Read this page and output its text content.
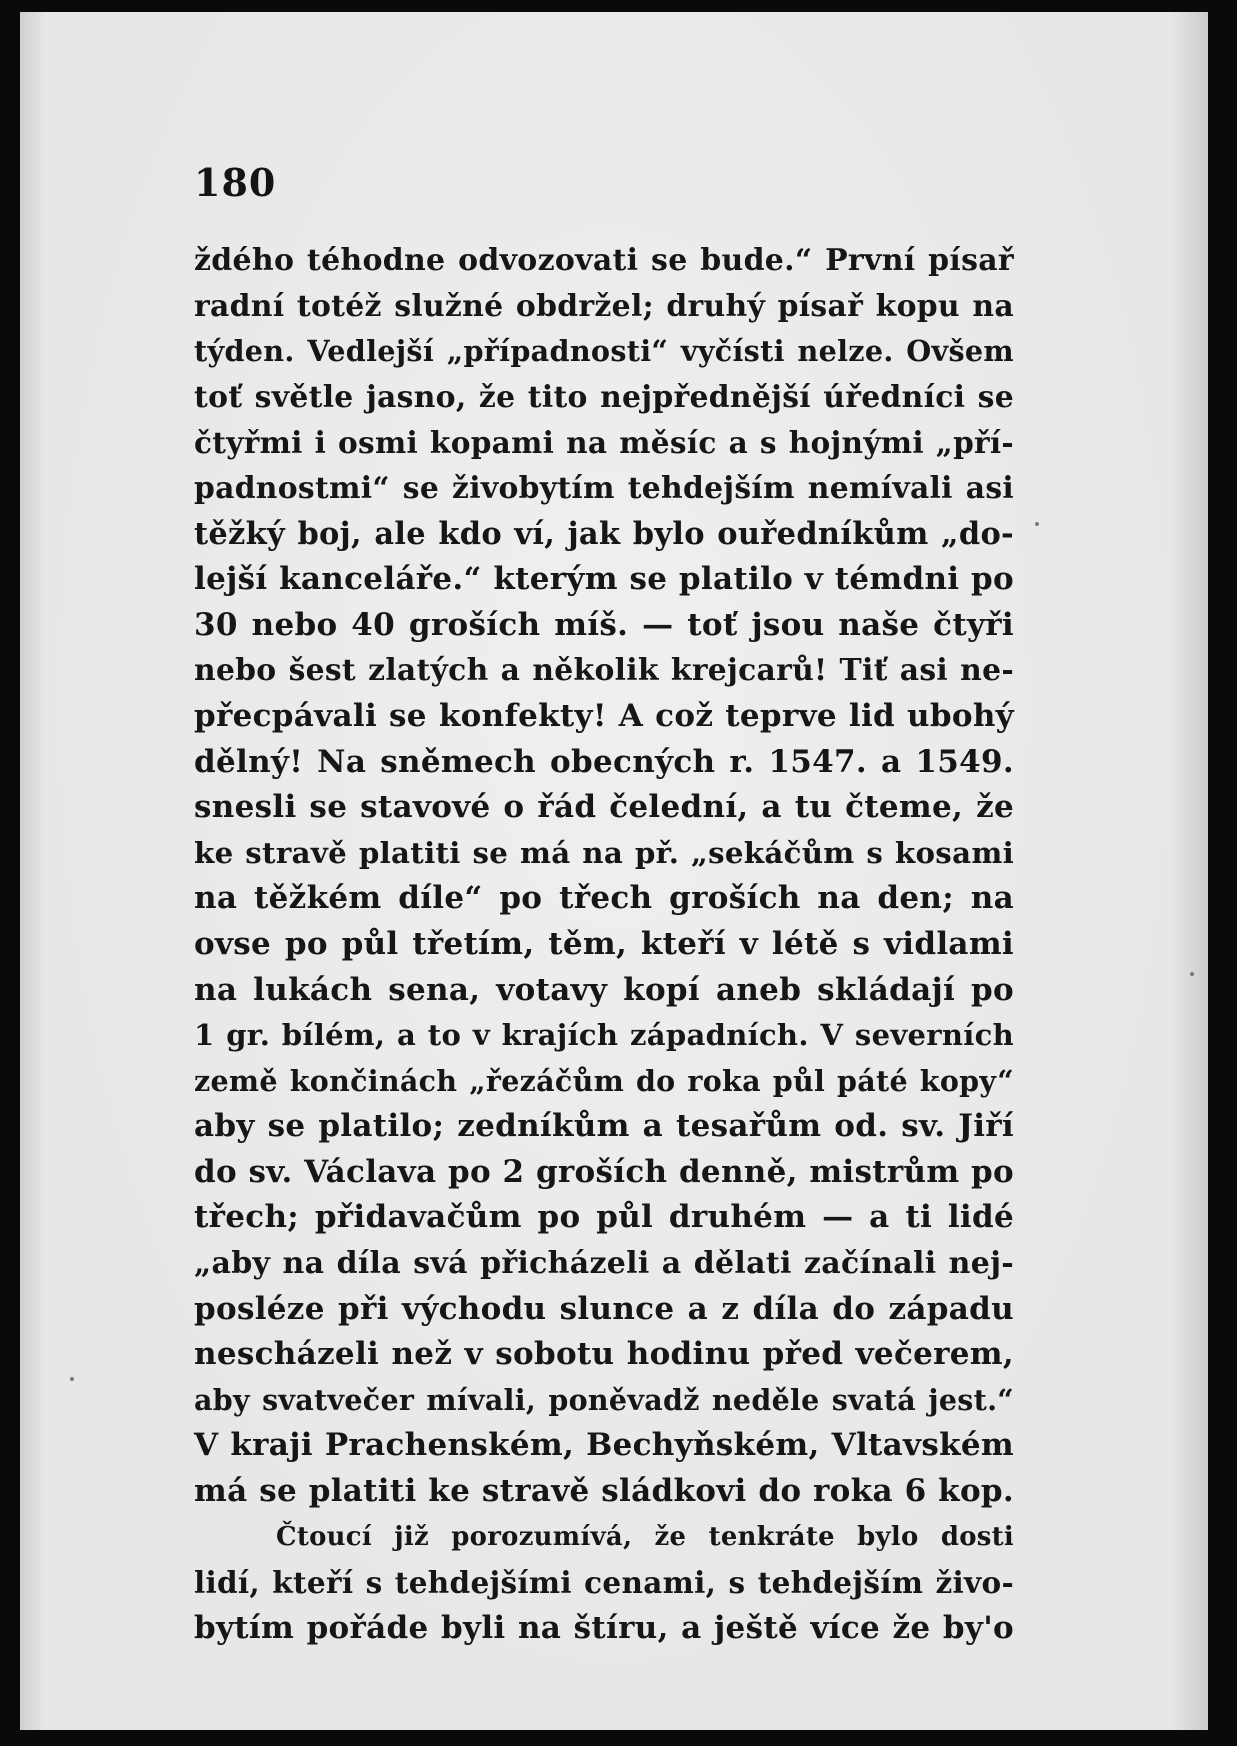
180
ždého téhodne odvozovati se bude.“ První písař
radní totéž služné obdržel; druhý písař kopu na
týden. Vedlejší „případnosti“ vyčísti nelze. Ovšem
toť světle jasno, že tito nejpřednější úředníci se
čtyřmi i osmi kopami na měsíc a s hojnými „pří-
padnostmi“ se živobytím tehdejším nemívali asi
těžký boj, ale kdo ví, jak bylo ouředníkům „do-
lejší kanceláře.“ kterým se platilo v témdni po
30 nebo 40 groších míš. — toť jsou naše čtyři
nebo šest zlatých a několik krejcarů! Tiť asi ne-
přecpávali se konfekty! A což teprve lid ubohý
dělný! Na sněmech obecných r. 1547. a 1549.
snesli se stavové o řád čelední, a tu čteme, že
ke stravě platiti se má na př. „sekáčům s kosami
na těžkém díle“ po třech groších na den; na
ovse po půl třetím, těm, kteří v létě s vidlami
na lukách sena, votavy kopí aneb skládají po
1 gr. bílém, a to v krajích západních. V severních
země končinách „řezáčům do roka půl páté kopy“
aby se platilo; zedníkům a tesařům od. sv. Jiří
do sv. Václava po 2 groších denně, mistrům po
třech; přidavačům po půl druhém — a ti lidé
„aby na díla svá přicházeli a dělati začínali nej-
posléze při východu slunce a z díla do západu
nescházeli než v sobotu hodinu před večerem,
aby svatvečer mívali, poněvadž neděle svatá jest.“
V kraji Prachenském, Bechyňském, Vltavském
má se platiti ke stravě sládkovi do roka 6 kop.
Čtoucí již porozumívá, že tenkráte bylo dosti
lidí, kteří s tehdejšími cenami, s tehdejším živo-
bytím pořáde byli na štíru, a ještě více že by'o
